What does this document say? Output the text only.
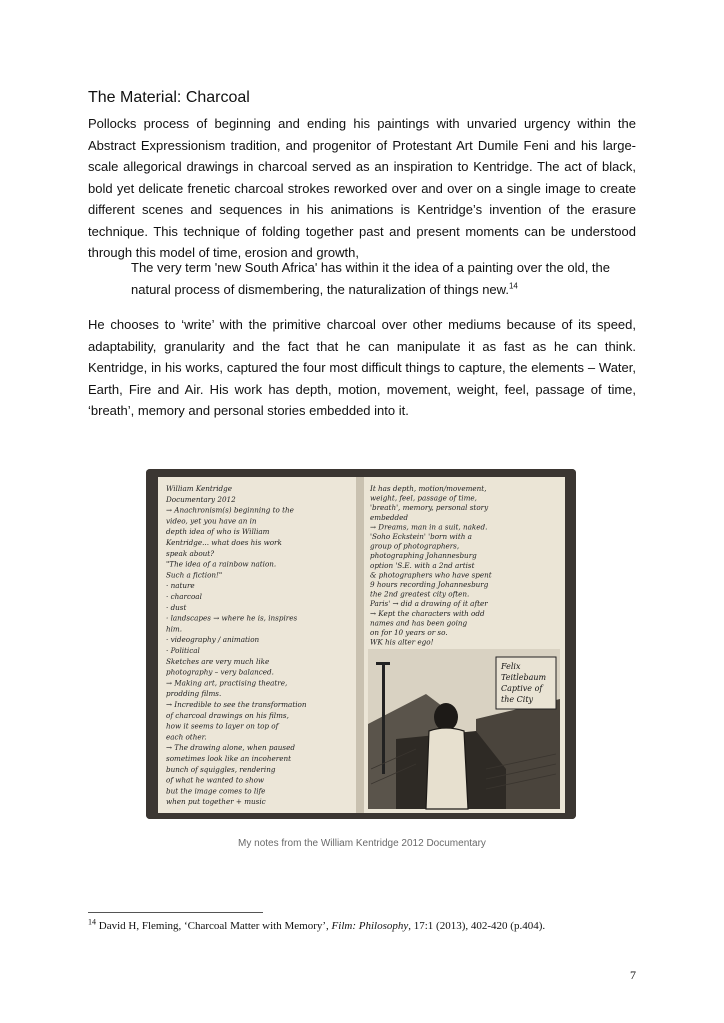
The Material: Charcoal
Pollocks process of beginning and ending his paintings with unvaried urgency within the Abstract Expressionism tradition, and progenitor of Protestant Art Dumile Feni and his large-scale allegorical drawings in charcoal served as an inspiration to Kentridge. The act of black, bold yet delicate frenetic charcoal strokes reworked over and over on a single image to create different scenes and sequences in his animations is Kentridge’s invention of the erasure technique. This technique of folding together past and present moments can be understood through this model of time, erosion and growth,
The very term 'new South Africa' has within it the idea of a painting over the old, the natural process of dismembering, the naturalization of things new.$^{14}$
He chooses to ‘write’ with the primitive charcoal over other mediums because of its speed, adaptability, granularity and the fact that he can manipulate it as fast as he can think. Kentridge, in his works, captured the four most difficult things to capture, the elements – Water, Earth, Fire and Air. His work has depth, motion, movement, weight, feel, passage of time, ‘breath’, memory and personal stories embedded into it.
William Kentridge
Documentary 2012
→ Anachronism(s) beginning to the
video, yet you have an in
depth idea of who is William
Kentridge... what does his work
speak about?
"The idea of a rainbow nation.
Such a fiction!"
· nature
· charcoal
· dust
· landscapes → where he is, inspires
him.
· videography / animation
· Political
Sketches are very much like
photography – very balanced.
→ Making art, practising theatre,
prodding films.
→ Incredible to see the transformation
of charcoal drawings on his films,
how it seems to layer on top of
each other.
→ The drawing alone, when paused
sometimes look like an incoherent
bunch of squiggles, rendering
of what he wanted to show
but the image comes to life
when put together + music
It has depth, motion/movement,
weight, feel, passage of time,
'breath', memory, personal story
embedded
→ Dreams, man in a suit, naked.
'Soho Eckstein' 'born with a
group of photographers,
photographing Johannesburg
option 'S.E. with a 2nd artist
& photographers who have spent
9 hours recording Johannesburg
the 2nd greatest city often.
Paris' → did a drawing of it after
→ Kept the characters with odd
names and has been going
on for 10 years or so.
WK his alter ego!
Felix
Teitlebaum
Captive of
the City
My notes from the William Kentridge 2012 Documentary
$^{14}$ David H, Fleming, ‘Charcoal Matter with Memory’, Film: Philosophy, 17:1 (2013), 402-420 (p.404).
7
